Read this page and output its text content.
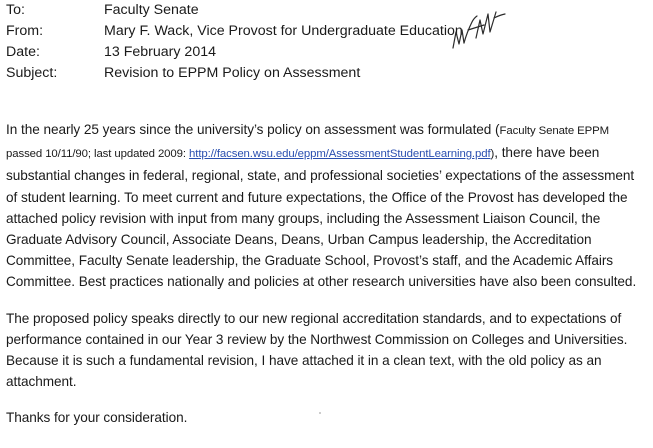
To:	Faculty Senate
From:	Mary F. Wack, Vice Provost for Undergraduate Education
Date:	13 February 2014
Subject:	Revision to EPPM Policy on Assessment

In the nearly 25 years since the university’s policy on assessment was formulated (Faculty Senate EPPM passed 10/11/90; last updated 2009: http://facsen.wsu.edu/eppm/AssessmentStudentLearning.pdf), there have been substantial changes in federal, regional, state, and professional societies’ expectations of the assessment of student learning. To meet current and future expectations, the Office of the Provost has developed the attached policy revision with input from many groups, including the Assessment Liaison Council, the Graduate Advisory Council, Associate Deans, Deans, Urban Campus leadership, the Accreditation Committee, Faculty Senate leadership, the Graduate School, Provost’s staff, and the Academic Affairs Committee. Best practices nationally and policies at other research universities have also been consulted.

The proposed policy speaks directly to our new regional accreditation standards, and to expectations of performance contained in our Year 3 review by the Northwest Commission on Colleges and Universities. Because it is such a fundamental revision, I have attached it in a clean text, with the old policy as an attachment.

Thanks for your consideration.
